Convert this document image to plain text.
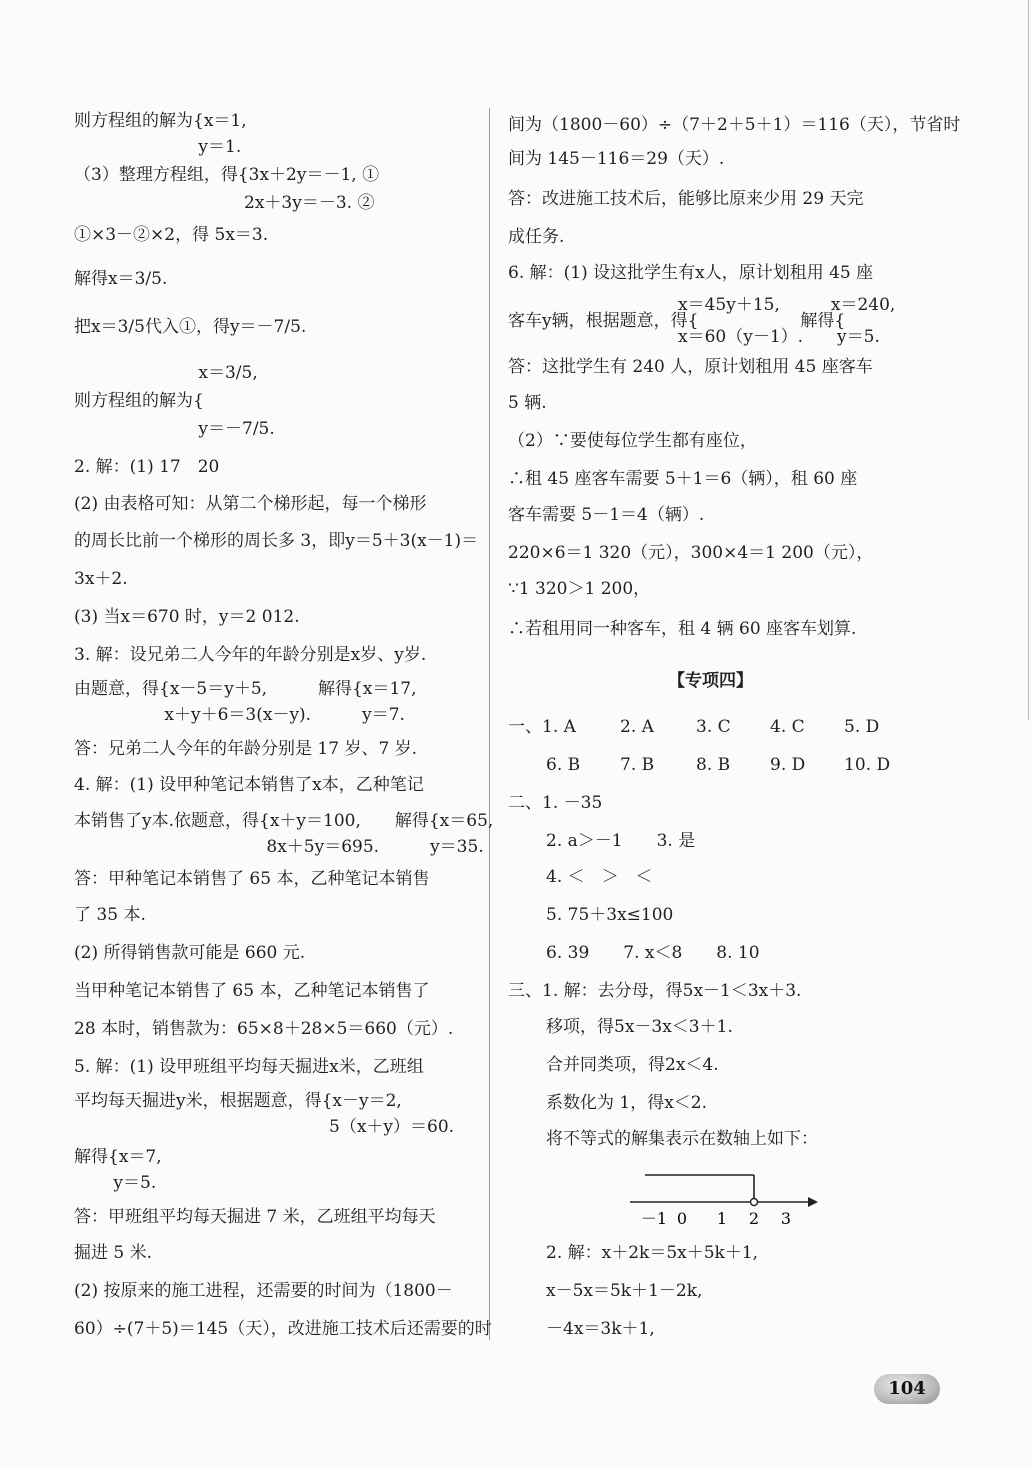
则方程组的解为{x＝1,
　　　　　　　 y＝1.
（3）整理方程组，得{3x＋2y＝－1, ①
　　　　　　　　　　2x＋3y＝－3. ②
①×3－②×2，得 5x＝3.
解得x＝3/5.
把x＝3/5代入①，得y＝－7/5.
　　　　　　　 x＝3/5,
则方程组的解为{
　　　　　　　 y＝－7/5.
2. 解：(1) 17　20
(2) 由表格可知：从第二个梯形起，每一个梯形
的周长比前一个梯形的周长多 3，即y＝5＋3(x－1)＝
3x＋2.
(3) 当x＝670 时，y＝2 012.
3. 解：设兄弟二人今年的年龄分别是x岁、y岁.
由题意，得{x－5＝y＋5,　　　解得{x＝17,
　　　　　 x＋y＋6＝3(x－y).　　　y＝7.
答：兄弟二人今年的年龄分别是 17 岁、7 岁.
4. 解：(1) 设甲种笔记本销售了x本，乙种笔记
本销售了y本.依题意，得{x＋y＝100,　　解得{x＝65,
　　　　　　　　　　　 8x＋5y＝695.　　　y＝35.
答：甲种笔记本销售了 65 本，乙种笔记本销售
了 35 本.
(2) 所得销售款可能是 660 元.
当甲种笔记本销售了 65 本，乙种笔记本销售了
28 本时，销售款为：65×8＋28×5＝660（元）.
5. 解：(1) 设甲班组平均每天掘进x米，乙班组
平均每天掘进y米，根据题意，得{x－y＝2,
　　　　　　　　　　　　　　　5（x＋y）＝60.
解得{x＝7,
　　 y＝5.
答：甲班组平均每天掘进 7 米，乙班组平均每天
掘进 5 米.
(2) 按原来的施工进程，还需要的时间为（1800－
60）÷(7＋5)＝145（天），改进施工技术后还需要的时
间为（1800－60）÷（7＋2＋5＋1）＝116（天），节省时
间为 145－116＝29（天）.
答：改进施工技术后，能够比原来少用 29 天完
成任务.
6. 解：(1) 设这批学生有x人，原计划租用 45 座
　　　　　　　　　　x＝45y＋15,　　　x＝240,
客车y辆，根据题意，得{　　　　　　解得{
　　　　　　　　　　x＝60（y－1）.　　y＝5.
答：这批学生有 240 人，原计划租用 45 座客车
5 辆.
（2）∵要使每位学生都有座位，
∴租 45 座客车需要 5＋1＝6（辆），租 60 座
客车需要 5－1＝4（辆）.
220×6＝1 320（元），300×4＝1 200（元），
∵1 320＞1 200，
∴若租用同一种客车，租 4 辆 60 座客车划算.
【专项四】
一、1. A	2. A 3. C 4. C 5. D
6. B 7. B 8. B 9. D 10. D
二、1. －35
2. a＞－1　　3. 是
4. ＜　＞　＜
5. 75＋3x≤100
6. 39　　7. x＜8　　8. 10
三、1. 解：去分母，得5x－1＜3x＋3.
移项，得5x－3x＜3＋1.
合并同类项，得2x＜4.
系数化为 1，得x＜2.
将不等式的解集表示在数轴上如下：
－1 0 1 2 3
2. 解：x＋2k＝5x＋5k＋1,
x－5x＝5k＋1－2k,
－4x＝3k＋1,
104
